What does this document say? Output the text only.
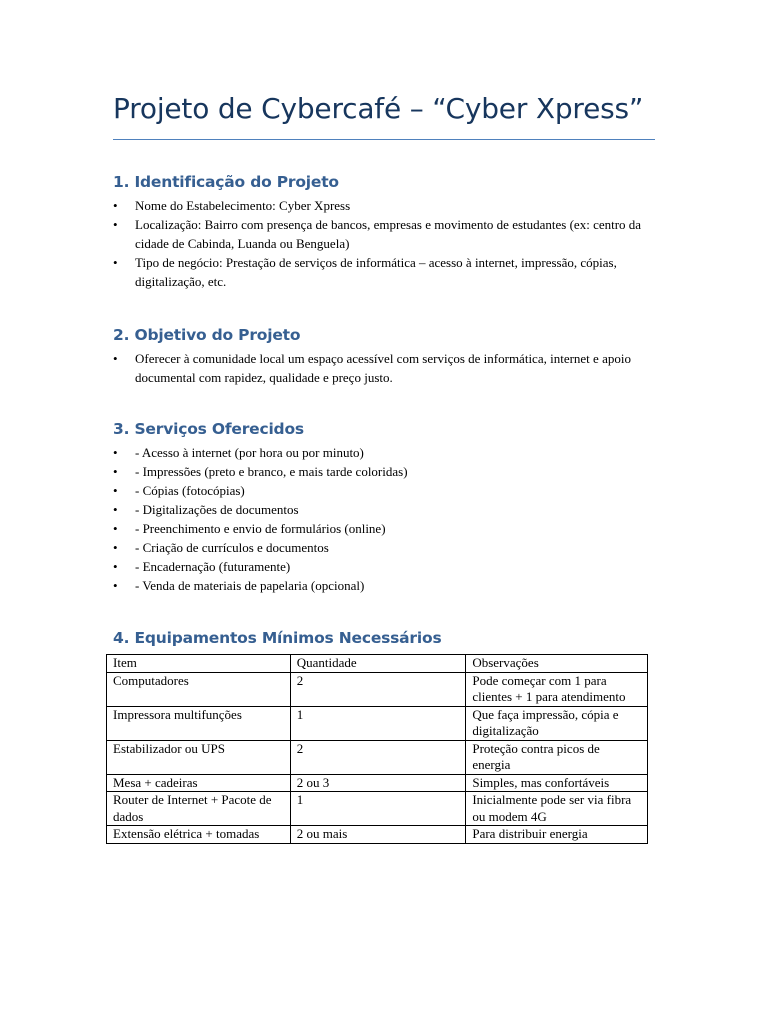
Projeto de Cybercafé – “Cyber Xpress”
1. Identificação do Projeto
• Nome do Estabelecimento: Cyber Xpress
• Localização: Bairro com presença de bancos, empresas e movimento de estudantes (ex: centro da cidade de Cabinda, Luanda ou Benguela)
• Tipo de negócio: Prestação de serviços de informática – acesso à internet, impressão, cópias, digitalização, etc.
2. Objetivo do Projeto
• Oferecer à comunidade local um espaço acessível com serviços de informática, internet e apoio documental com rapidez, qualidade e preço justo.
3. Serviços Oferecidos
• - Acesso à internet (por hora ou por minuto)
• - Impressões (preto e branco, e mais tarde coloridas)
• - Cópias (fotocópias)
• - Digitalizações de documentos
• - Preenchimento e envio de formulários (online)
• - Criação de currículos e documentos
• - Encadernação (futuramente)
• - Venda de materiais de papelaria (opcional)
4. Equipamentos Mínimos Necessários
Item	Quantidade	Observações
Computadores	2	Pode começar com 1 para clientes + 1 para atendimento
Impressora multifunções	1	Que faça impressão, cópia e digitalização
Estabilizador ou UPS	2	Proteção contra picos de energia
Mesa + cadeiras	2 ou 3	Simples, mas confortáveis
Router de Internet + Pacote de dados	1	Inicialmente pode ser via fibra ou modem 4G
Extensão elétrica + tomadas	2 ou mais	Para distribuir energia
